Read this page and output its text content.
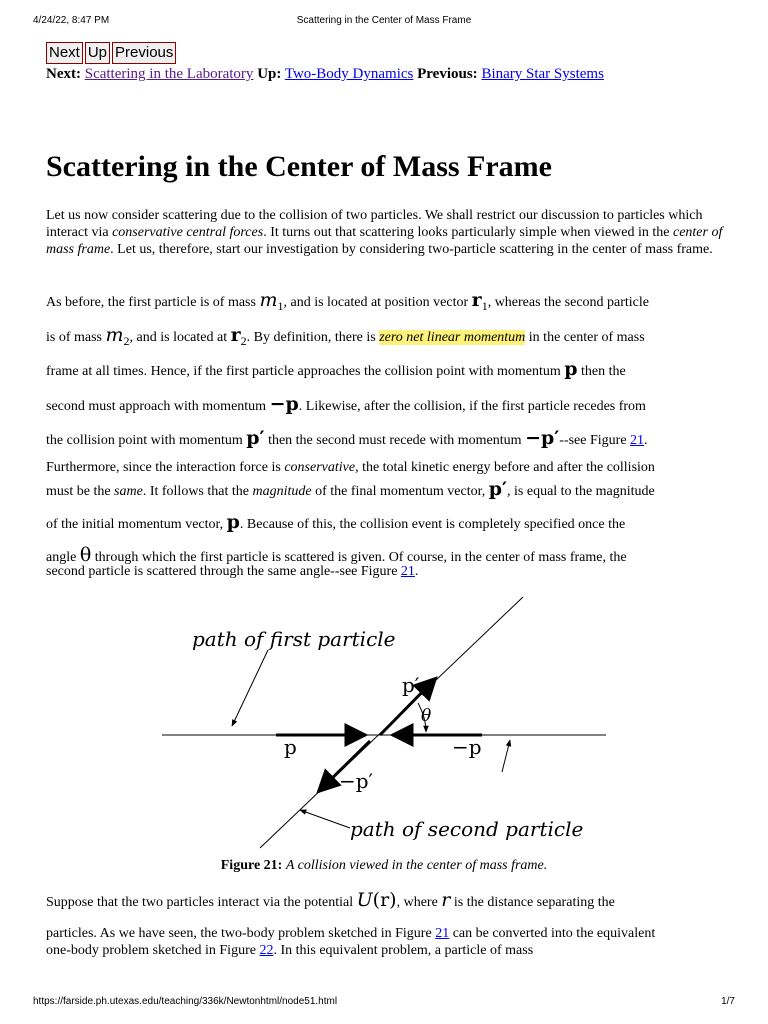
4/24/22, 8:47 PM	Scattering in the Center of Mass Frame
Next Up Previous
Next: Scattering in the Laboratory Up: Two-Body Dynamics Previous: Binary Star Systems
Scattering in the Center of Mass Frame

Let us now consider scattering due to the collision of two particles. We shall restrict our discussion to particles which interact via conservative central forces. It turns out that scattering looks particularly simple when viewed in the center of mass frame. Let us, therefore, start our investigation by considering two-particle scattering in the center of mass frame.

As before, the first particle is of mass m1, and is located at position vector r1, whereas the second particle
is of mass m2, and is located at r2. By definition, there is zero net linear momentum in the center of mass
frame at all times. Hence, if the first particle approaches the collision point with momentum p then the
second must approach with momentum −p. Likewise, after the collision, if the first particle recedes from
the collision point with momentum p′ then the second must recede with momentum −p′--see Figure 21.
Furthermore, since the interaction force is conservative, the total kinetic energy before and after the collision
must be the same. It follows that the magnitude of the final momentum vector, p′, is equal to the magnitude
of the initial momentum vector, p. Because of this, the collision event is completely specified once the
angle θ through which the first particle is scattered is given. Of course, in the center of mass frame, the
second particle is scattered through the same angle--see Figure 21.
path of first particle
path of second particle
p	−p
p′
−p′
θ
Figure 21: A collision viewed in the center of mass frame.
Suppose that the two particles interact via the potential U(r), where r is the distance separating the
particles. As we have seen, the two-body problem sketched in Figure 21 can be converted into the equivalent
one-body problem sketched in Figure 22. In this equivalent problem, a particle of mass
https://farside.ph.utexas.edu/teaching/336k/Newtonhtml/node51.html	1/7
